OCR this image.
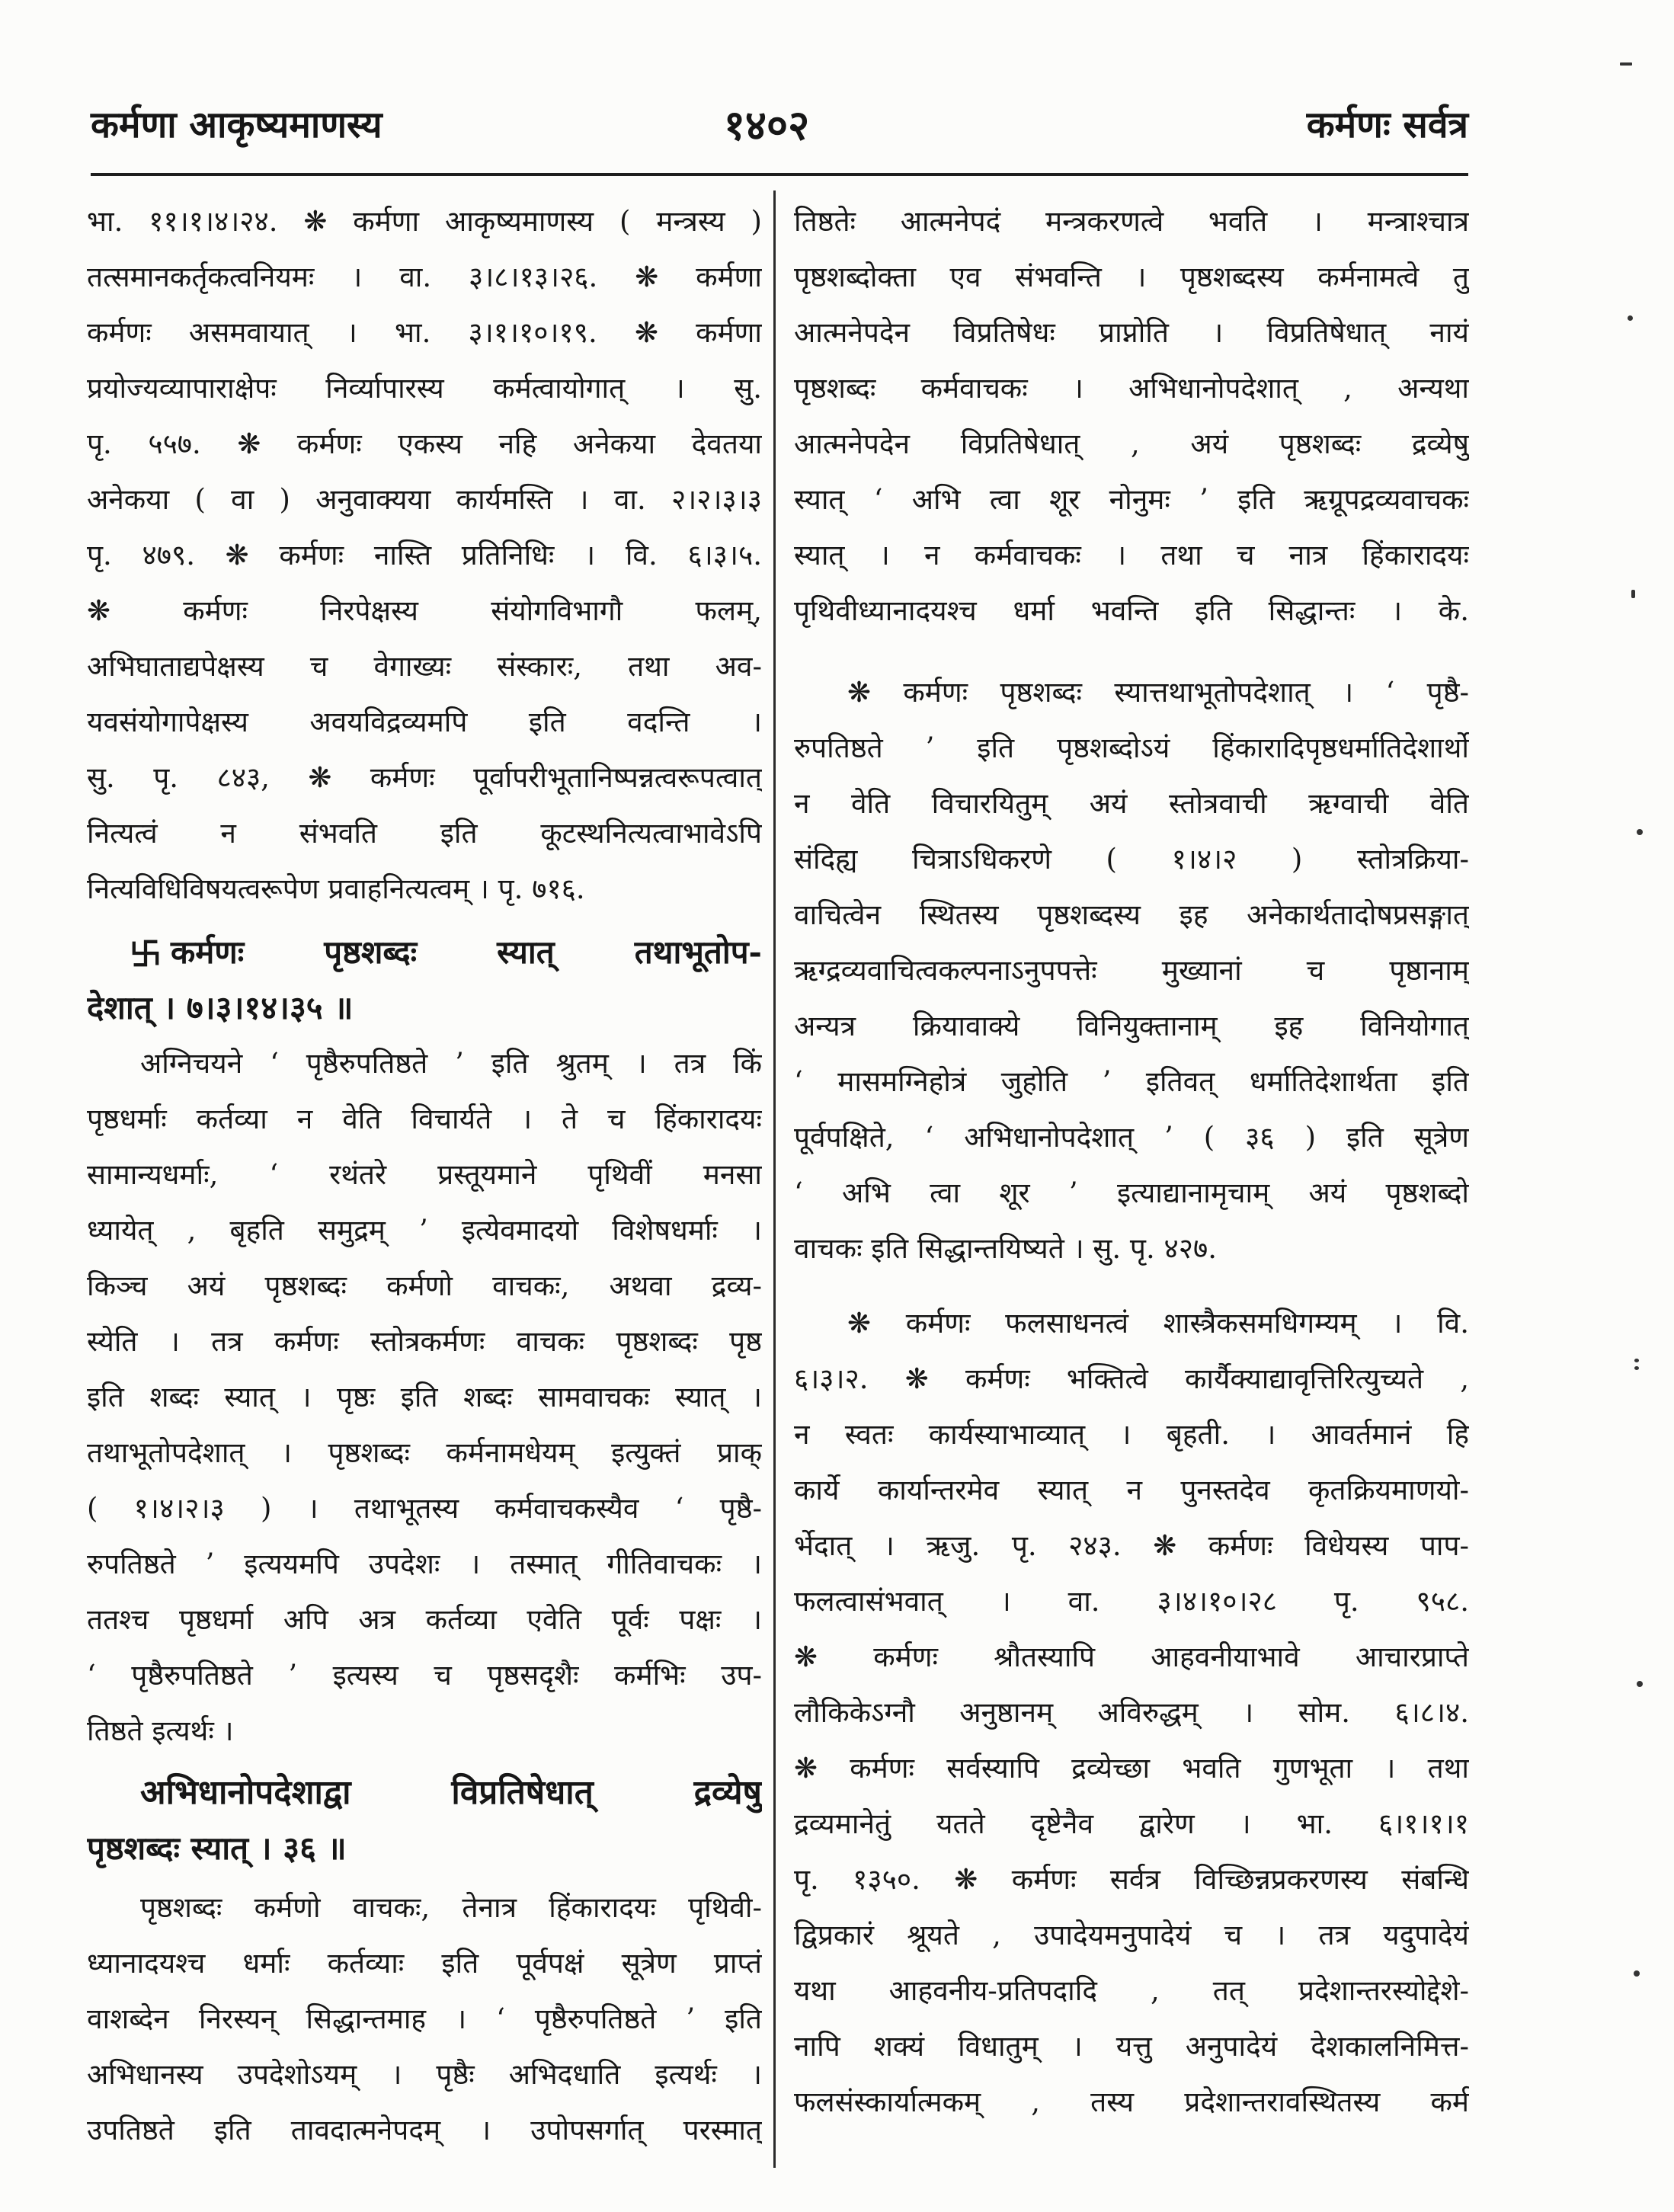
कर्मणा आकृष्यमाणस्य	१४०२	कर्मणः सर्वत्र
भा. ११।१।४।२४. ❋ कर्मणा आकृष्यमाणस्य ( मन्त्रस्य )
तत्समानकर्तृकत्वनियमः । वा. ३।८।१३।२६. ❋ कर्मणा
कर्मणः असमवायात् । भा. ३।१।१०।१९. ❋ कर्मणा
प्रयोज्यव्यापाराक्षेपः निर्व्यापारस्य कर्मत्वायोगात् । सु.
पृ. ५५७. ❋ कर्मणः एकस्य नहि अनेकया देवतया
अनेकया ( वा ) अनुवाक्यया कार्यमस्ति । वा. २।२।३।३
पृ. ४७९. ❋ कर्मणः नास्ति प्रतिनिधिः । वि. ६।३।५.
❋ कर्मणः निरपेक्षस्य संयोगविभागौ फलम्,
अभिघाताद्यपेक्षस्य च वेगाख्यः संस्कारः, तथा अव-
यवसंयोगापेक्षस्य अवयविद्रव्यमपि इति वदन्ति ।
सु. पृ. ८४३, ❋ कर्मणः पूर्वापरीभूतानिष्पन्नत्वरूपत्वात्
नित्यत्वं न संभवति इति कूटस्थनित्यत्वाभावेऽपि
नित्यविधिविषयत्वरूपेण प्रवाहनित्यत्वम् । पृ. ७१६.
कर्मणः पृष्ठशब्दः स्यात् तथाभूतोप-
देशात् । ७।३।१४।३५ ॥
अग्निचयने ‘ पृष्ठैरुपतिष्ठते ’ इति श्रुतम् । तत्र किं
पृष्ठधर्माः कर्तव्या न वेति विचार्यते । ते च हिंकारादयः
सामान्यधर्माः, ‘ रथंतरे प्रस्तूयमाने पृथिवीं मनसा
ध्यायेत् , बृहति समुद्रम् ’ इत्येवमादयो विशेषधर्माः ।
किञ्च अयं पृष्ठशब्दः कर्मणो वाचकः, अथवा द्रव्य-
स्येति । तत्र कर्मणः स्तोत्रकर्मणः वाचकः पृष्ठशब्दः पृष्ठ
इति शब्दः स्यात् । पृष्ठः इति शब्दः सामवाचकः स्यात् ।
तथाभूतोपदेशात् । पृष्ठशब्दः कर्मनामधेयम् इत्युक्तं प्राक्
( १।४।२।३ ) । तथाभूतस्य कर्मवाचकस्यैव ‘ पृष्ठै-
रुपतिष्ठते ’ इत्ययमपि उपदेशः । तस्मात् गीतिवाचकः ।
ततश्च पृष्ठधर्मा अपि अत्र कर्तव्या एवेति पूर्वः पक्षः ।
‘ पृष्ठैरुपतिष्ठते ’ इत्यस्य च पृष्ठसदृशैः कर्मभिः उप-
तिष्ठते इत्यर्थः ।
अभिधानोपदेशाद्वा विप्रतिषेधात् द्रव्येषु
पृष्ठशब्दः स्यात् । ३६ ॥
पृष्ठशब्दः कर्मणो वाचकः, तेनात्र हिंकारादयः पृथिवी-
ध्यानादयश्च धर्माः कर्तव्याः इति पूर्वपक्षं सूत्रेण प्राप्तं
वाशब्देन निरस्यन् सिद्धान्तमाह । ‘ पृष्ठैरुपतिष्ठते ’ इति
अभिधानस्य उपदेशोऽयम् । पृष्ठैः अभिदधाति इत्यर्थः ।
उपतिष्ठते इति तावदात्मनेपदम् । उपोपसर्गात् परस्मात्
तिष्ठतेः आत्मनेपदं मन्त्रकरणत्वे भवति । मन्त्राश्चात्र
पृष्ठशब्दोक्ता एव संभवन्ति । पृष्ठशब्दस्य कर्मनामत्वे तु
आत्मनेपदेन विप्रतिषेधः प्राप्नोति । विप्रतिषेधात् नायं
पृष्ठशब्दः कर्मवाचकः । अभिधानोपदेशात् , अन्यथा
आत्मनेपदेन विप्रतिषेधात् , अयं पृष्ठशब्दः द्रव्येषु
स्यात् ‘ अभि त्वा शूर नोनुमः ’ इति ऋग्रूपद्रव्यवाचकः
स्यात् । न कर्मवाचकः । तथा च नात्र हिंकारादयः
पृथिवीध्यानादयश्च धर्मा भवन्ति इति सिद्धान्तः । के.
❋ कर्मणः पृष्ठशब्दः स्यात्तथाभूतोपदेशात् । ‘ पृष्ठै-
रुपतिष्ठते ’ इति पृष्ठशब्दोऽयं हिंकारादिपृष्ठधर्मातिदेशार्थो
न वेति विचारयितुम् अयं स्तोत्रवाची ऋग्वाची वेति
संदिह्य चित्राऽधिकरणे ( १।४।२ ) स्तोत्रक्रिया-
वाचित्वेन स्थितस्य पृष्ठशब्दस्य इह अनेकार्थतादोषप्रसङ्गात्
ऋग्द्रव्यवाचित्वकल्पनाऽनुपपत्तेः मुख्यानां च पृष्ठानाम्
अन्यत्र क्रियावाक्ये विनियुक्तानाम् इह विनियोगात्
‘ मासमग्निहोत्रं जुहोति ’ इतिवत् धर्मातिदेशार्थता इति
पूर्वपक्षिते, ‘ अभिधानोपदेशात् ’ ( ३६ ) इति सूत्रेण
‘ अभि त्वा शूर ’ इत्याद्यानामृचाम् अयं पृष्ठशब्दो
वाचकः इति सिद्धान्तयिष्यते । सु. पृ. ४२७.
❋ कर्मणः फलसाधनत्वं शास्त्रैकसमधिगम्यम् । वि.
६।३।२. ❋ कर्मणः भक्तित्वे कार्यैक्याद्यावृत्तिरित्युच्यते ,
न स्वतः कार्यस्याभाव्यात् । बृहती. । आवर्तमानं हि
कार्ये कार्यान्तरमेव स्यात् न पुनस्तदेव कृतक्रियमाणयो-
र्भेदात् । ऋजु. पृ. २४३. ❋ कर्मणः विधेयस्य पाप-
फलत्वासंभवात् । वा. ३।४।१०।२८ पृ. ९५८.
❋ कर्मणः श्रौतस्यापि आहवनीयाभावे आचारप्राप्ते
लौकिकेऽग्नौ अनुष्ठानम् अविरुद्धम् । सोम. ६।८।४.
❋ कर्मणः सर्वस्यापि द्रव्येच्छा भवति गुणभूता । तथा
द्रव्यमानेतुं यतते दृष्टेनैव द्वारेण । भा. ६।१।१।१
पृ. १३५०. ❋ कर्मणः सर्वत्र विच्छिन्नप्रकरणस्य संबन्धि
द्विप्रकारं श्रूयते , उपादेयमनुपादेयं च । तत्र यदुपादेयं
यथा आहवनीय-प्रतिपदादि , तत् प्रदेशान्तरस्योद्देशे-
नापि शक्यं विधातुम् । यत्तु अनुपादेयं देशकालनिमित्त-
फलसंस्कार्यात्मकम् , तस्य प्रदेशान्तरावस्थितस्य कर्म
